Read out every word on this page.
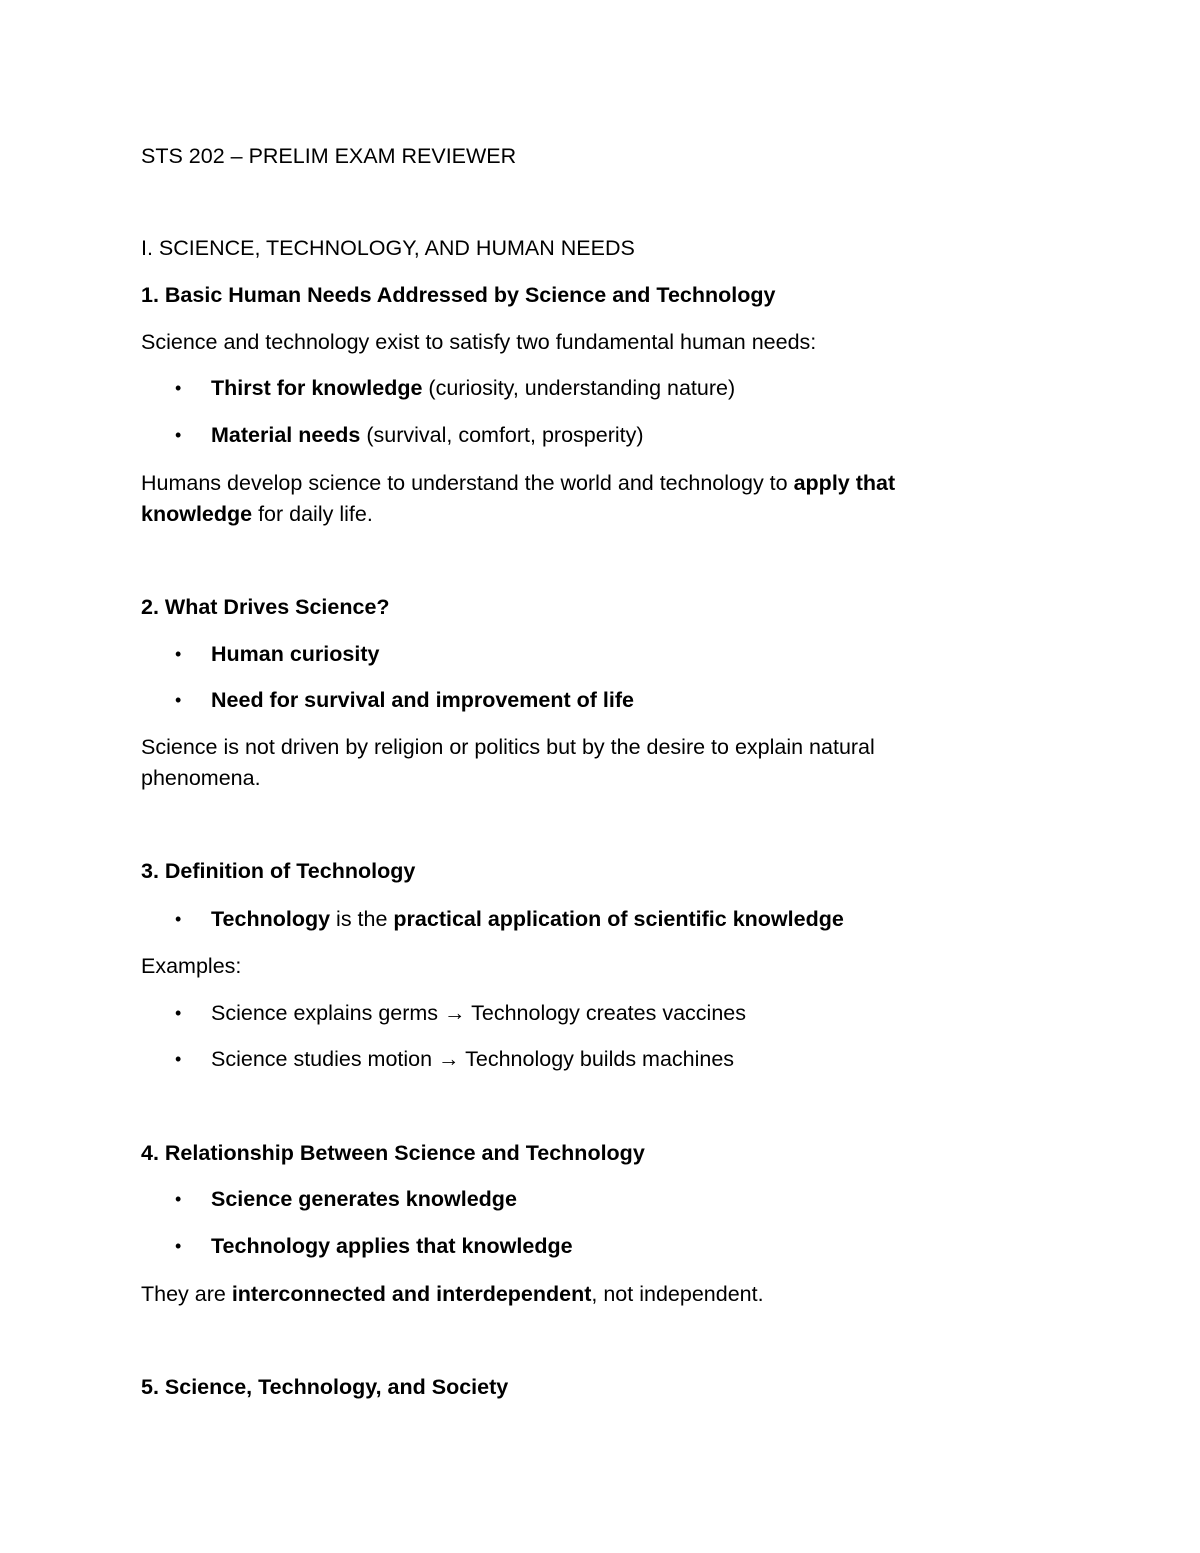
STS 202 – PRELIM EXAM REVIEWER
I. SCIENCE, TECHNOLOGY, AND HUMAN NEEDS
1. Basic Human Needs Addressed by Science and Technology
Science and technology exist to satisfy two fundamental human needs:
• Thirst for knowledge (curiosity, understanding nature)
• Material needs (survival, comfort, prosperity)
Humans develop science to understand the world and technology to apply that
knowledge for daily life.
2. What Drives Science?
• Human curiosity
• Need for survival and improvement of life
Science is not driven by religion or politics but by the desire to explain natural
phenomena.
3. Definition of Technology
• Technology is the practical application of scientific knowledge
Examples:
• Science explains germs → Technology creates vaccines
• Science studies motion → Technology builds machines
4. Relationship Between Science and Technology
• Science generates knowledge
• Technology applies that knowledge
They are interconnected and interdependent, not independent.
5. Science, Technology, and Society
